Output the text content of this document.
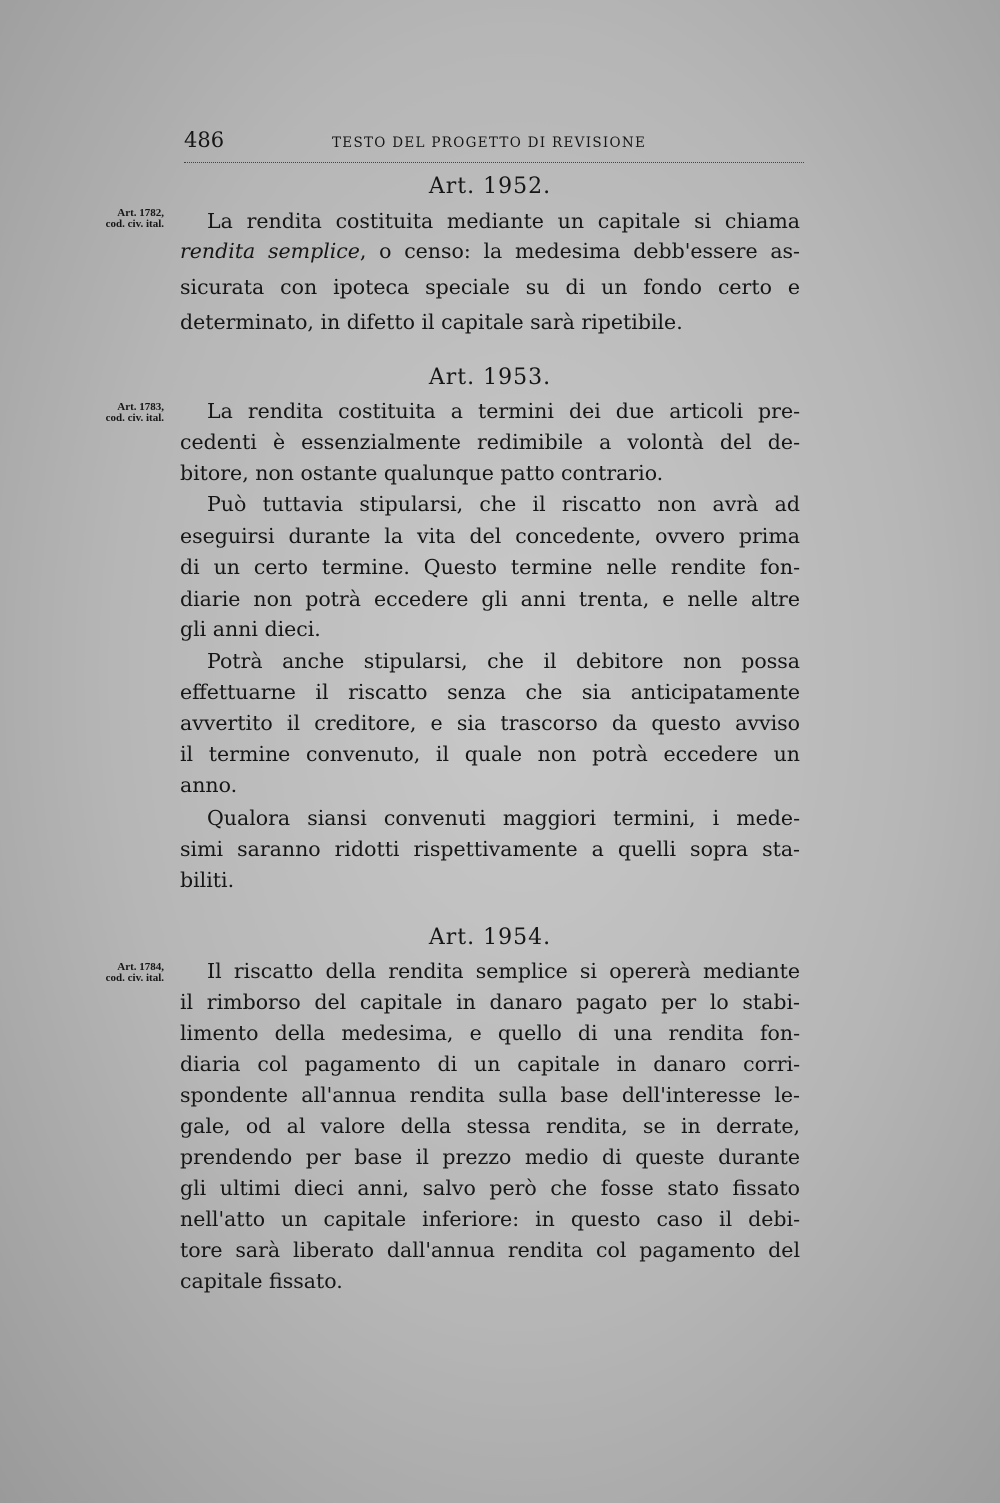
486	TESTO DEL PROGETTO DI REVISIONE
Art. 1952.
Art. 1782,
cod. civ. ital. La rendita costituita mediante un capitale si chiama
rendita semplice, o censo: la medesima debb'essere as-
sicurata con ipoteca speciale su di un fondo certo e
determinato, in difetto il capitale sarà ripetibile.
Art. 1953.
Art. 1783,
cod. civ. ital. La rendita costituita a termini dei due articoli pre-
cedenti è essenzialmente redimibile a volontà del de-
bitore, non ostante qualunque patto contrario.
Può tuttavia stipularsi, che il riscatto non avrà ad
eseguirsi durante la vita del concedente, ovvero prima
di un certo termine. Questo termine nelle rendite fon-
diarie non potrà eccedere gli anni trenta, e nelle altre
gli anni dieci.
Potrà anche stipularsi, che il debitore non possa
effettuarne il riscatto senza che sia anticipatamente
avvertito il creditore, e sia trascorso da questo avviso
il termine convenuto, il quale non potrà eccedere un
anno.
Qualora siansi convenuti maggiori termini, i mede-
simi saranno ridotti rispettivamente a quelli sopra sta-
biliti.
Art. 1954.
Art. 1784,
cod. civ. ital. Il riscatto della rendita semplice si opererà mediante
il rimborso del capitale in danaro pagato per lo stabi-
limento della medesima, e quello di una rendita fon-
diaria col pagamento di un capitale in danaro corri-
spondente all'annua rendita sulla base dell'interesse le-
gale, od al valore della stessa rendita, se in derrate,
prendendo per base il prezzo medio di queste durante
gli ultimi dieci anni, salvo però che fosse stato fissato
nell'atto un capitale inferiore: in questo caso il debi-
tore sarà liberato dall'annua rendita col pagamento del
capitale fissato.
